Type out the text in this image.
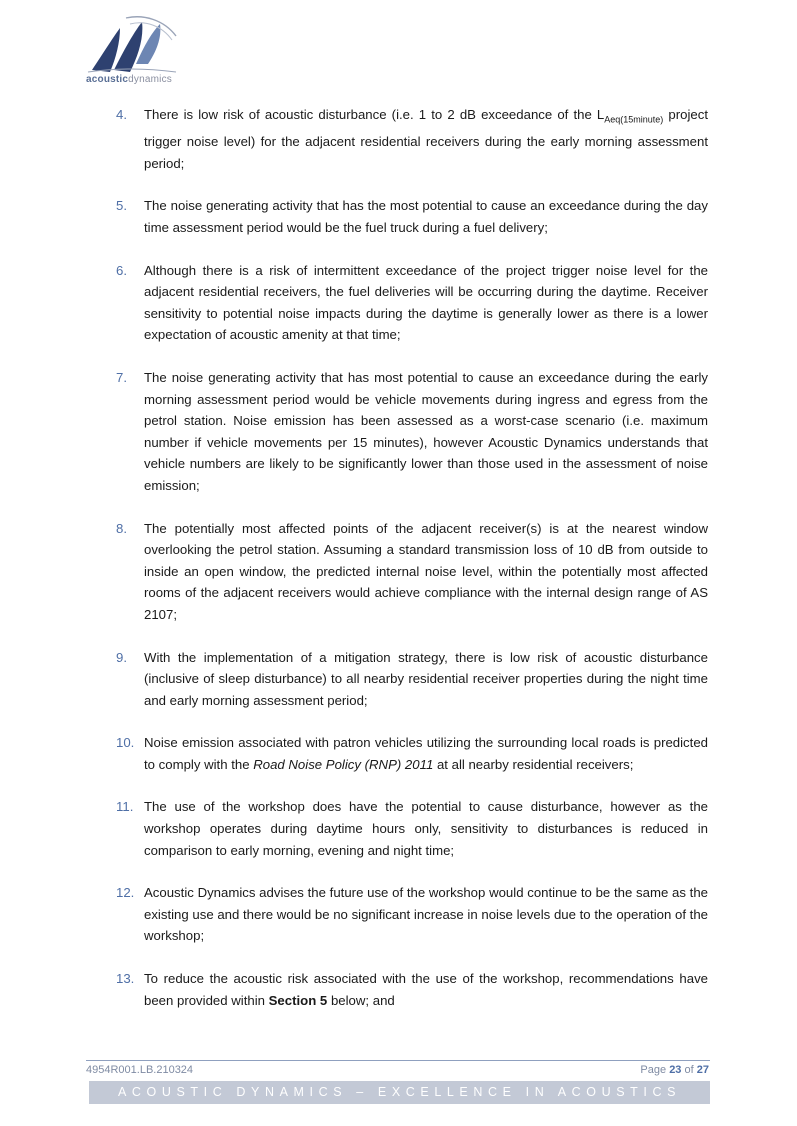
acousticdynamics
4. There is low risk of acoustic disturbance (i.e. 1 to 2 dB exceedance of the $L_{Aeq(15minute)}$ project trigger noise level) for the adjacent residential receivers during the early morning assessment period;
5. The noise generating activity that has the most potential to cause an exceedance during the day time assessment period would be the fuel truck during a fuel delivery;
6. Although there is a risk of intermittent exceedance of the project trigger noise level for the adjacent residential receivers, the fuel deliveries will be occurring during the daytime. Receiver sensitivity to potential noise impacts during the daytime is generally lower as there is a lower expectation of acoustic amenity at that time;
7. The noise generating activity that has most potential to cause an exceedance during the early morning assessment period would be vehicle movements during ingress and egress from the petrol station. Noise emission has been assessed as a worst-case scenario (i.e. maximum number if vehicle movements per 15 minutes), however Acoustic Dynamics understands that vehicle numbers are likely to be significantly lower than those used in the assessment of noise emission;
8. The potentially most affected points of the adjacent receiver(s) is at the nearest window overlooking the petrol station. Assuming a standard transmission loss of 10 dB from outside to inside an open window, the predicted internal noise level, within the potentially most affected rooms of the adjacent receivers would achieve compliance with the internal design range of AS 2107;
9. With the implementation of a mitigation strategy, there is low risk of acoustic disturbance (inclusive of sleep disturbance) to all nearby residential receiver properties during the night time and early morning assessment period;
10. Noise emission associated with patron vehicles utilizing the surrounding local roads is predicted to comply with the Road Noise Policy (RNP) 2011 at all nearby residential receivers;
11. The use of the workshop does have the potential to cause disturbance, however as the workshop operates during daytime hours only, sensitivity to disturbances is reduced in comparison to early morning, evening and night time;
12. Acoustic Dynamics advises the future use of the workshop would continue to be the same as the existing use and there would be no significant increase in noise levels due to the operation of the workshop;
13. To reduce the acoustic risk associated with the use of the workshop, recommendations have been provided within Section 5 below; and
4954R001.LB.210324	Page 23 of 27
ACOUSTIC DYNAMICS – EXCELLENCE IN ACOUSTICS
